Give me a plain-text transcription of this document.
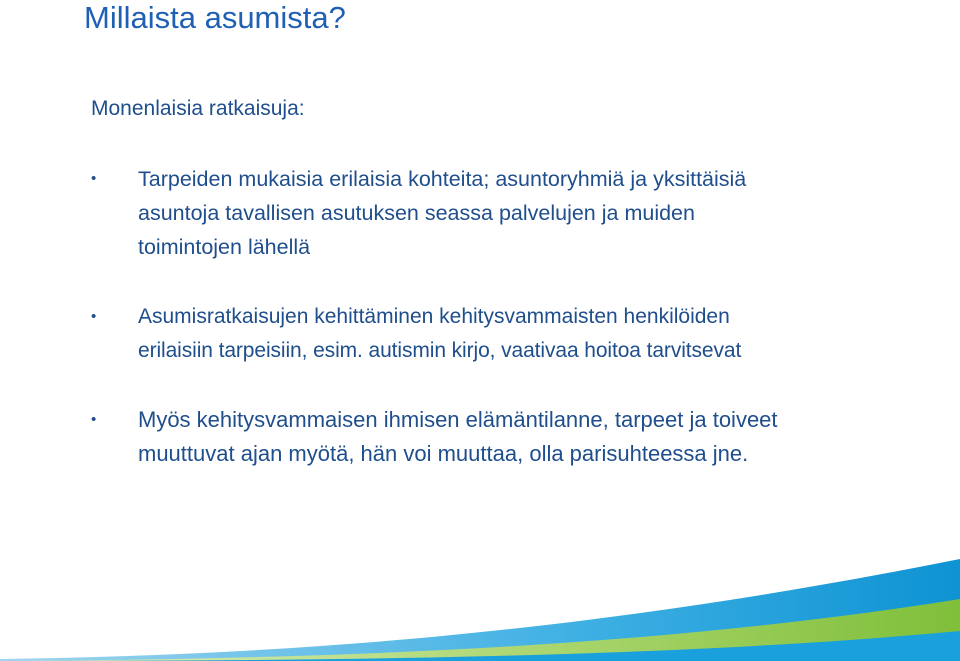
Millaista asumista?
Monenlaisia ratkaisuja:
• Tarpeiden mukaisia erilaisia kohteita; asuntoryhmiä ja yksittäisiä
asuntoja tavallisen asutuksen seassa palvelujen ja muiden
toimintojen lähellä
• Asumisratkaisujen kehittäminen kehitysvammaisten henkilöiden
erilaisiin tarpeisiin, esim. autismin kirjo, vaativaa hoitoa tarvitsevat
• Myös kehitysvammaisen ihmisen elämäntilanne, tarpeet ja toiveet
muuttuvat ajan myötä, hän voi muuttaa, olla parisuhteessa jne.
